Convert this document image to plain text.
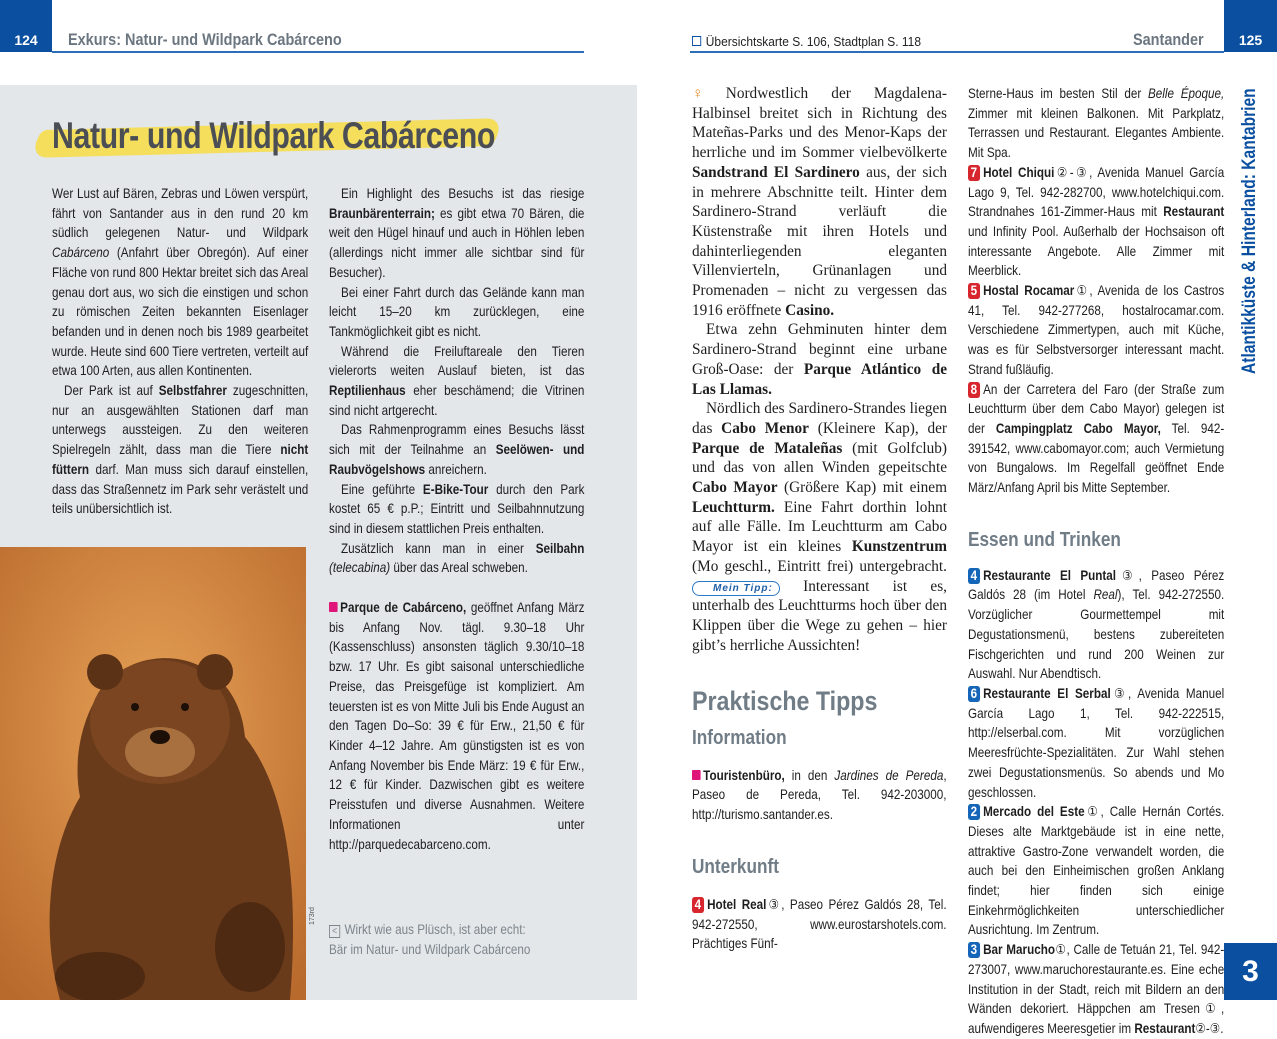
124 Exkurs: Natur- und Wildpark Cabárceno
Natur- und Wildpark Cabárceno

Wer Lust auf Bären, Zebras und Löwen verspürt, fährt von Santander aus in den rund 20 km südlich gelegenen Natur- und Wildpark Cabárceno (Anfahrt über Obregón). Auf einer Fläche von rund 800 Hektar breitet sich das Areal genau dort aus, wo sich die einstigen und schon zu römischen Zeiten bekannten Eisenlager befanden und in denen noch bis 1989 gearbeitet wurde. Heute sind 600 Tiere vertreten, verteilt auf etwa 100 Arten, aus allen Kontinenten.

Der Park ist auf Selbstfahrer zugeschnitten, nur an ausgewählten Stationen darf man unterwegs aussteigen. Zu den weiteren Spielregeln zählt, dass man die Tiere nicht füttern darf. Man muss sich darauf einstellen, dass das Straßennetz im Park sehr verästelt und teils unübersichtlich ist.

Ein Highlight des Besuchs ist das riesige Braunbärenterrain; es gibt etwa 70 Bären, die weit den Hügel hinauf und auch in Höhlen leben (allerdings nicht immer alle sichtbar sind für Besucher).

Bei einer Fahrt durch das Gelände kann man leicht 15–20 km zurücklegen, eine Tankmöglichkeit gibt es nicht.

Während die Freiluftareale den Tieren vielerorts weiten Auslauf bieten, ist das Reptilienhaus eher beschämend; die Vitrinen sind nicht artgerecht.

Das Rahmenprogramm eines Besuchs lässt sich mit der Teilnahme an Seelöwen- und Raubvögelshows anreichern.

Eine geführte E-Bike-Tour durch den Park kostet 65 € p.P.; Eintritt und Seilbahnnutzung sind in diesem stattlichen Preis enthalten.

Zusätzlich kann man in einer Seilbahn (telecabina) über das Areal schweben.

Parque de Cabárceno, geöffnet Anfang März bis Anfang Nov. tägl. 9.30–18 Uhr (Kassenschluss) ansonsten täglich 9.30/10–18 bzw. 17 Uhr. Es gibt saisonal unterschiedliche Preise, das Preisgefüge ist kompliziert. Am teuersten ist es von Mitte Juli bis Ende August an den Tagen Do–So: 39 € für Erw., 21,50 € für Kinder 4–12 Jahre. Am günstigsten ist es von Anfang November bis Ende März: 19 € für Erw., 12 € für Kinder. Dazwischen gibt es weitere Preisstufen und diverse Ausnahmen. Weitere Informationen unter http://parquedecabarceno.com.

< Wirkt wie aus Plüsch, ist aber echt:
Bär im Natur- und Wildpark Cabárceno
173rd
Übersichtskarte S. 106, Stadtplan S. 118	Santander	125
Atlantikküste & Hinterland: Kantabrien
3

♀ Nordwestlich der Magdalena-Halbinsel breitet sich in Richtung des Mateñas-Parks und des Menor-Kaps der herrliche und im Sommer vielbevölkerte Sandstrand El Sardinero aus, der sich in mehrere Abschnitte teilt. Hinter dem Sardinero-Strand verläuft die Küstenstraße mit ihren Hotels und dahinterliegenden eleganten Villenvierteln, Grünanlagen und Promenaden – nicht zu vergessen das 1916 eröffnete Casino.

Etwa zehn Gehminuten hinter dem Sardinero-Strand beginnt eine urbane Groß-Oase: der Parque Atlántico de Las Llamas.

Nördlich des Sardinero-Strandes liegen das Cabo Menor (Kleinere Kap), der Parque de Mataleñas (mit Golfclub) und das von allen Winden gepeitschte Cabo Mayor (Größere Kap) mit einem Leuchtturm. Eine Fahrt dorthin lohnt auf alle Fälle. Im Leuchtturm am Cabo Mayor ist ein kleines Kunstzentrum (Mo geschl., Eintritt frei) untergebracht. Mein Tipp: Interessant ist es, unterhalb des Leuchtturms hoch über den Klippen über die Wege zu gehen – hier gibt’s herrliche Aussichten!

Praktische Tipps
Information

Touristenbüro, in den Jardines de Pereda, Paseo de Pereda, Tel. 942-203000, http://turismo.santander.es.

Unterkunft

4 Hotel Real③, Paseo Pérez Galdós 28, Tel. 942-272550, www.eurostarshotels.com. Prächtiges Fünf-

Sterne-Haus im besten Stil der Belle Époque, Zimmer mit kleinen Balkonen. Mit Parkplatz, Terrassen und Restaurant. Elegantes Ambiente. Mit Spa.

7 Hotel Chiqui②-③, Avenida Manuel García Lago 9, Tel. 942-282700, www.hotelchiqui.com. Strandnahes 161-Zimmer-Haus mit Restaurant und Infinity Pool. Außerhalb der Hochsaison oft interessante Angebote. Alle Zimmer mit Meerblick.

5 Hostal Rocamar①, Avenida de los Castros 41, Tel. 942-277268, hostalrocamar.com. Verschiedene Zimmertypen, auch mit Küche, was es für Selbstversorger interessant macht. Strand fußläufig.

8 An der Carretera del Faro (der Straße zum Leuchtturm über dem Cabo Mayor) gelegen ist der Campingplatz Cabo Mayor, Tel. 942-391542, www.cabomayor.com; auch Vermietung von Bungalows. Im Regelfall geöffnet Ende März/Anfang April bis Mitte September.

Essen und Trinken

4 Restaurante El Puntal③, Paseo Pérez Galdós 28 (im Hotel Real), Tel. 942-272550. Vorzüglicher Gourmettempel mit Degustationsmenü, bestens zubereiteten Fischgerichten und rund 200 Weinen zur Auswahl. Nur Abendtisch.

6 Restaurante El Serbal③, Avenida Manuel García Lago 1, Tel. 942-222515, http://elserbal.com. Mit vorzüglichen Meeresfrüchte-Spezialitäten. Zur Wahl stehen zwei Degustationsmenüs. So abends und Mo geschlossen.

2 Mercado del Este①, Calle Hernán Cortés. Dieses alte Marktgebäude ist in eine nette, attraktive Gastro-Zone verwandelt worden, die auch bei den Einheimischen großen Anklang findet; hier finden sich einige Einkehrmöglichkeiten unterschiedlicher Ausrichtung. Im Zentrum.

3 Bar Marucho①, Calle de Tetuán 21, Tel. 942-273007, www.maruchorestaurante.es. Eine eche Institution in der Stadt, reich mit Bildern an den Wänden dekoriert. Häppchen am Tresen①, aufwendigeres Meeresgetier im Restaurant②-③.
